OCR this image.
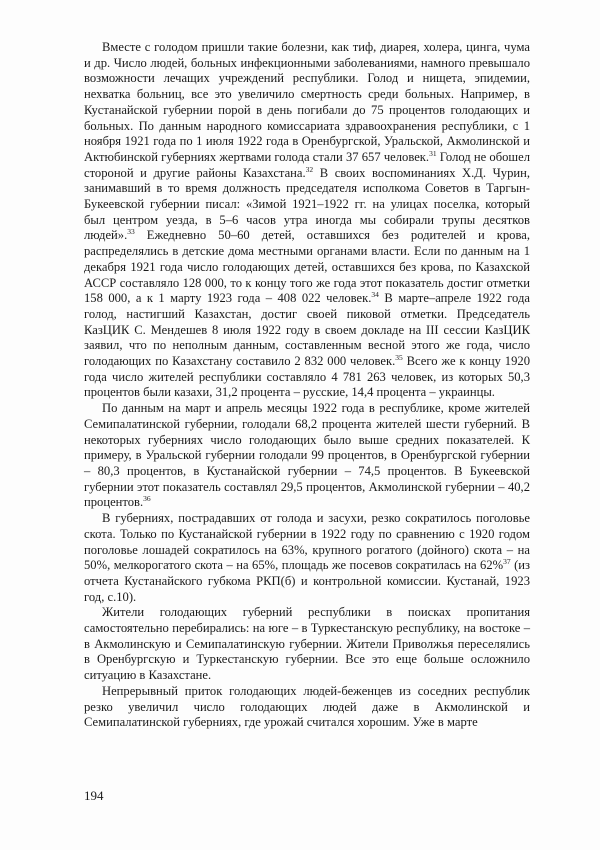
Вместе с голодом пришли такие болезни, как тиф, диарея, холера, цинга, чума и др. Число людей, больных инфекционными заболеваниями, намного превышало возможности лечащих учреждений республики. Голод и нищета, эпидемии, нехватка больниц, все это увеличило смертность среди больных. Например, в Кустанайской губернии порой в день погибали до 75 процентов голодающих и больных. По данным народного комиссариата здравоохранения республики, с 1 ноября 1921 года по 1 июля 1922 года в Оренбургской, Уральской, Акмолинской и Актюбинской губерниях жертвами голода стали 37 657 человек.$^{31}$ Голод не обошел стороной и другие районы Казахстана.$^{32}$ В своих воспоминаниях Х.Д. Чурин, занимавший в то время должность председателя исполкома Советов в Таргын-Букеевской губернии писал: «Зимой 1921–1922 гг. на улицах поселка, который был центром уезда, в 5–6 часов утра иногда мы собирали трупы десятков людей».$^{33}$ Ежедневно 50–60 детей, оставшихся без родителей и крова, распределялись в детские дома местными органами власти. Если по данным на 1 декабря 1921 года число голодающих детей, оставшихся без крова, по Казахской АССР составляло 128 000, то к концу того же года этот показатель достиг отметки 158 000, а к 1 марту 1923 года – 408 022 человек.$^{34}$ В марте–апреле 1922 года голод, настигший Казахстан, достиг своей пиковой отметки. Председатель КазЦИК С. Мендешев 8 июля 1922 году в своем докладе на III сессии КазЦИК заявил, что по неполным данным, составленным весной этого же года, число голодающих по Казахстану составило 2 832 000 человек.$^{35}$ Всего же к концу 1920 года число жителей республики составляло 4 781 263 человек, из которых 50,3 процентов были казахи, 31,2 процента – русские, 14,4 процента – украинцы.

По данным на март и апрель месяцы 1922 года в республике, кроме жителей Семипалатинской губернии, голодали 68,2 процента жителей шести губерний. В некоторых губерниях число голодающих было выше средних показателей. К примеру, в Уральской губернии голодали 99 процентов, в Оренбургской губернии – 80,3 процентов, в Кустанайской губернии – 74,5 процентов. В Букеевской губернии этот показатель составлял 29,5 процентов, Акмолинской губернии – 40,2 процентов.$^{36}$

В губерниях, пострадавших от голода и засухи, резко сократилось поголовье скота. Только по Кустанайской губернии в 1922 году по сравнению с 1920 годом поголовье лошадей сократилось на 63%, крупного рогатого (дойного) скота – на 50%, мелкорогатого скота – на 65%, площадь же посевов сократилась на 62%$^{37}$ (из отчета Кустанайского губкома РКП(б) и контрольной комиссии. Кустанай, 1923 год, с.10).

Жители голодающих губерний республики в поисках пропитания самостоятельно перебирались: на юге – в Туркестанскую республику, на востоке – в Акмолинскую и Семипалатинскую губернии. Жители Приволжья переселялись в Оренбургскую и Туркестанскую губернии. Все это еще больше осложнило ситуацию в Казахстане.

Непрерывный приток голодающих людей-беженцев из соседних республик резко увеличил число голодающих людей даже в Акмолинской и Семипалатинской губерниях, где урожай считался хорошим. Уже в марте

194
